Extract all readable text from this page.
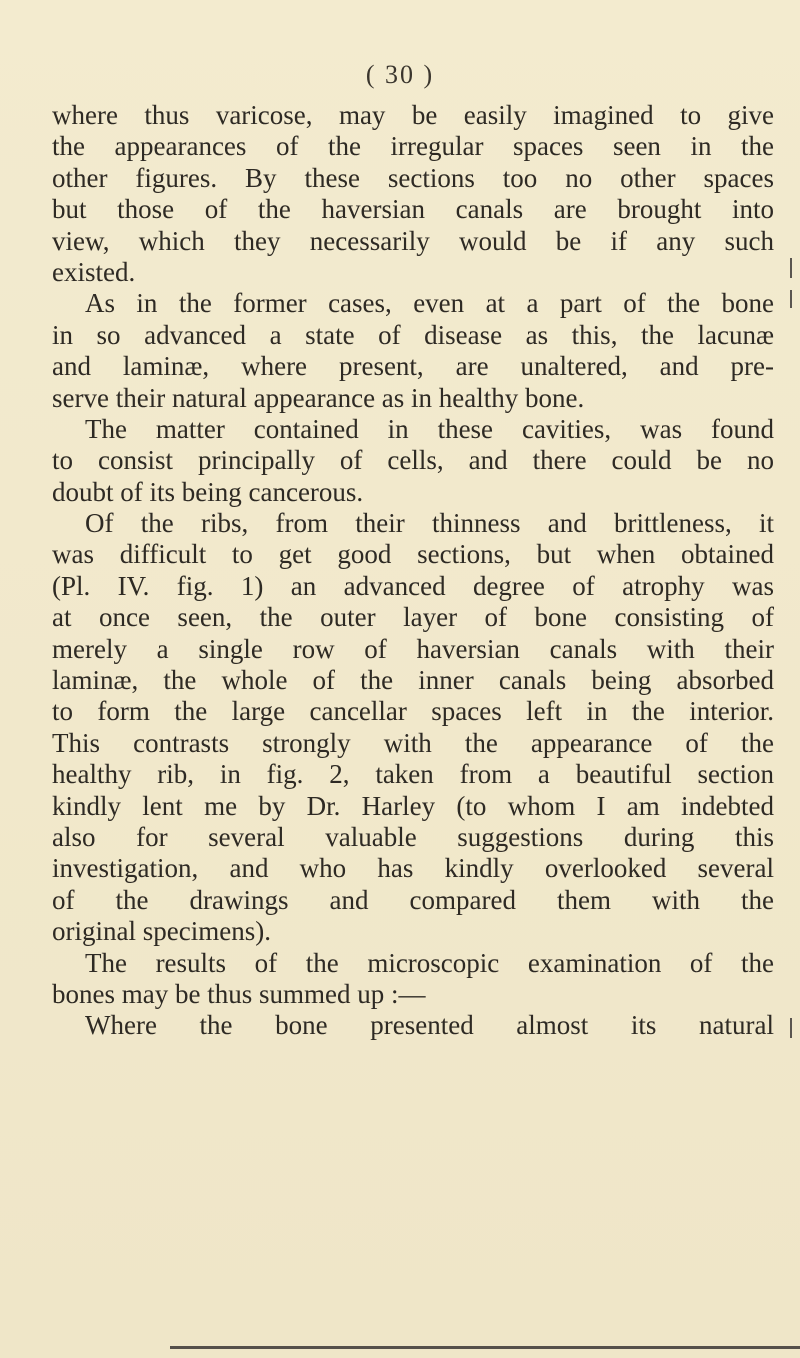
( 30 )
where thus varicose, may be easily imagined to give
the appearances of the irregular spaces seen in the
other figures. By these sections too no other spaces
but those of the haversian canals are brought into
view, which they necessarily would be if any such
existed.
As in the former cases, even at a part of the bone
in so advanced a state of disease as this, the lacunæ
and laminæ, where present, are unaltered, and pre-
serve their natural appearance as in healthy bone.
The matter contained in these cavities, was found
to consist principally of cells, and there could be no
doubt of its being cancerous.
Of the ribs, from their thinness and brittleness, it
was difficult to get good sections, but when obtained
(Pl. IV. fig. 1) an advanced degree of atrophy was
at once seen, the outer layer of bone consisting of
merely a single row of haversian canals with their
laminæ, the whole of the inner canals being absorbed
to form the large cancellar spaces left in the interior.
This contrasts strongly with the appearance of the
healthy rib, in fig. 2, taken from a beautiful section
kindly lent me by Dr. Harley (to whom I am indebted
also for several valuable suggestions during this
investigation, and who has kindly overlooked several
of the drawings and compared them with the
original specimens).
The results of the microscopic examination of the
bones may be thus summed up :—
Where the bone presented almost its natural
